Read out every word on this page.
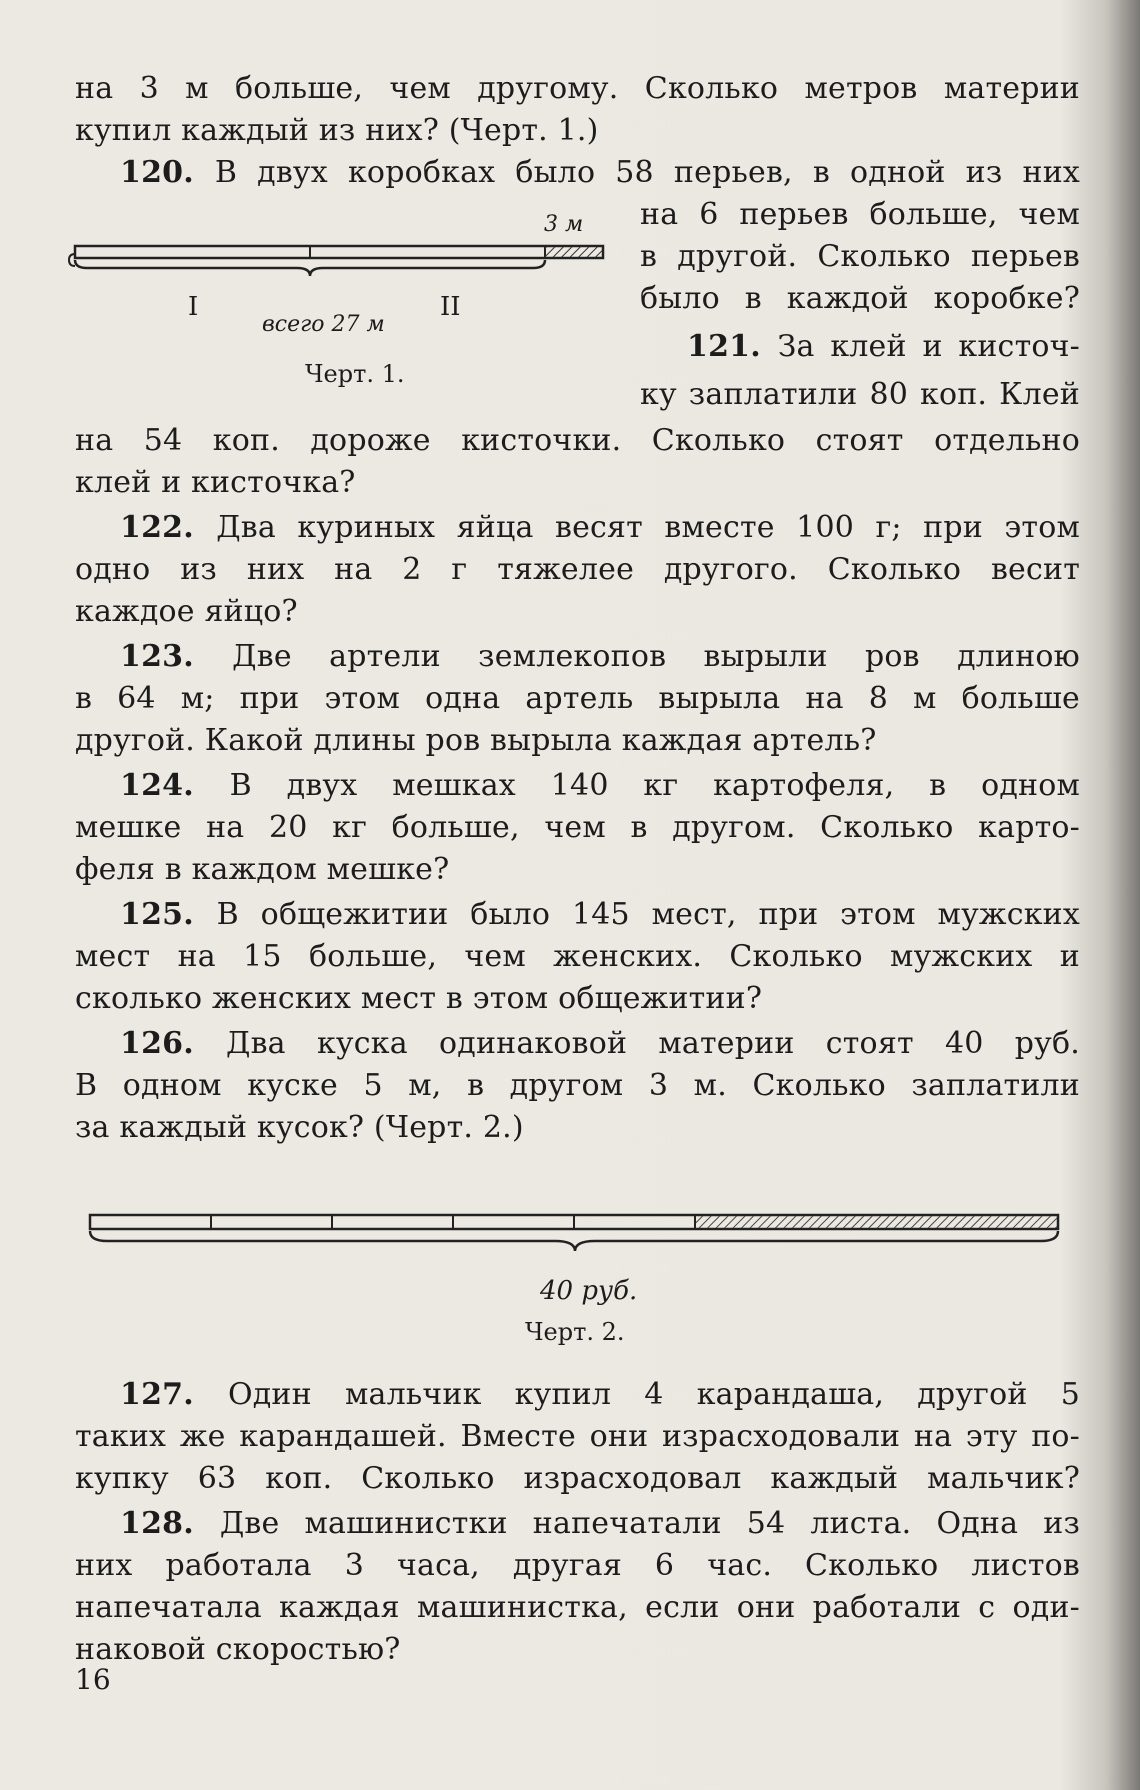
на 3 м больше, чем другому. Сколько метров материи
купил каждый из них? (Черт. 1.)
120. В двух коробках было 58 перьев, в одной из них
на 6 перьев больше, чем
в другой. Сколько перьев
было в каждой коробке?
121. За клей и кисточ-
ку заплатили 80 коп. Клей
на 54 коп. дороже кисточки. Сколько стоят отдельно
клей и кисточка?
122. Два куриных яйца весят вместе 100 г; при этом
одно из них на 2 г тяжелее другого. Сколько весит
каждое яйцо?
123. Две артели землекопов вырыли ров длиною
в 64 м; при этом одна артель вырыла на 8 м больше
другой. Какой длины ров вырыла каждая артель?
124. В двух мешках 140 кг картофеля, в одном
мешке на 20 кг больше, чем в другом. Сколько карто-
феля в каждом мешке?
125. В общежитии было 145 мест, при этом мужских
мест на 15 больше, чем женских. Сколько мужских и
сколько женских мест в этом общежитии?
126. Два куска одинаковой материи стоят 40 руб.
В одном куске 5 м, в другом 3 м. Сколько заплатили
за каждый кусок? (Черт. 2.)
127. Один мальчик купил 4 карандаша, другой 5
таких же карандашей. Вместе они израсходовали на эту по-
купку 63 коп. Сколько израсходовал каждый мальчик?
128. Две машинистки напечатали 54 листа. Одна из
них работала 3 часа, другая 6 час. Сколько листов
напечатала каждая машинистка, если они работали с оди-
наковой скоростью?
3 м
I
всего 27 м
II
Черт. 1.
40 руб.
Черт. 2.
16
